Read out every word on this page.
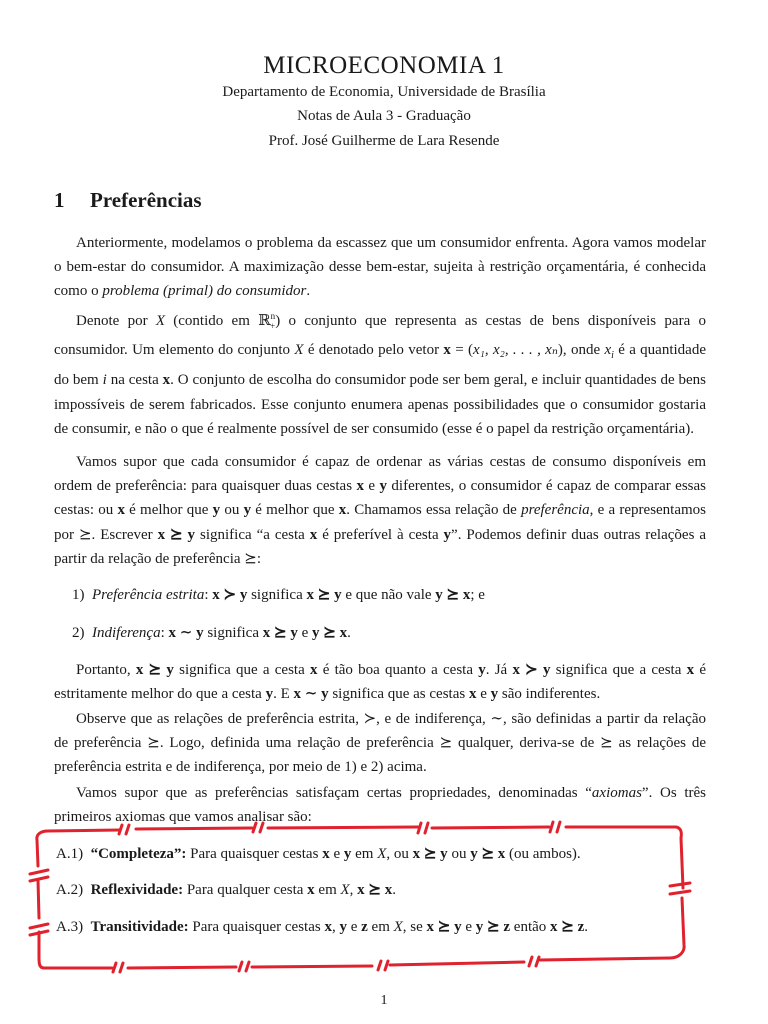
MICROECONOMIA 1
Departamento de Economia, Universidade de Brasília
Notas de Aula 3 - Graduação
Prof. José Guilherme de Lara Resende
1 Preferências
Anteriormente, modelamos o problema da escassez que um consumidor enfrenta. Agora vamos modelar o bem-estar do consumidor. A maximização desse bem-estar, sujeita à restrição orçamentária, é conhecida como o problema (primal) do consumidor.
Denote por X (contido em ℝ$^n_+$) o conjunto que representa as cestas de bens disponíveis para o consumidor. Um elemento do conjunto X é denotado pelo vetor x = (x₁, x₂, . . . , xₙ), onde $x_i$ é a quantidade do bem i na cesta x. O conjunto de escolha do consumidor pode ser bem geral, e incluir quantidades de bens impossíveis de serem fabricados. Esse conjunto enumera apenas possibilidades que o consumidor gostaria de consumir, e não o que é realmente possível de ser consumido (esse é o papel da restrição orçamentária).
Vamos supor que cada consumidor é capaz de ordenar as várias cestas de consumo disponíveis em ordem de preferência: para quaisquer duas cestas x e y diferentes, o consumidor é capaz de comparar essas cestas: ou x é melhor que y ou y é melhor que x. Chamamos essa relação de preferência, e a representamos por ⪰. Escrever x ⪰ y significa “a cesta x é preferível à cesta y”. Podemos definir duas outras relações a partir da relação de preferência ⪰:
1) Preferência estrita: x ≻ y significa x ⪰ y e que não vale y ⪰ x; e
2) Indiferença: x ∼ y significa x ⪰ y e y ⪰ x.
Portanto, x ⪰ y significa que a cesta x é tão boa quanto a cesta y. Já x ≻ y significa que a cesta x é estritamente melhor do que a cesta y. E x ∼ y significa que as cestas x e y são indiferentes.
Observe que as relações de preferência estrita, ≻, e de indiferença, ∼, são definidas a partir da relação de preferência ⪰. Logo, definida uma relação de preferência ⪰ qualquer, deriva-se de ⪰ as relações de preferência estrita e de indiferença, por meio de 1) e 2) acima.
Vamos supor que as preferências satisfaçam certas propriedades, denominadas “axiomas”. Os três primeiros axiomas que vamos analisar são:
A.1) “Completeza”: Para quaisquer cestas x e y em X, ou x ⪰ y ou y ⪰ x (ou ambos).
A.2) Reflexividade: Para qualquer cesta x em X, x ⪰ x.
A.3) Transitividade: Para quaisquer cestas x, y e z em X, se x ⪰ y e y ⪰ z então x ⪰ z.
1
